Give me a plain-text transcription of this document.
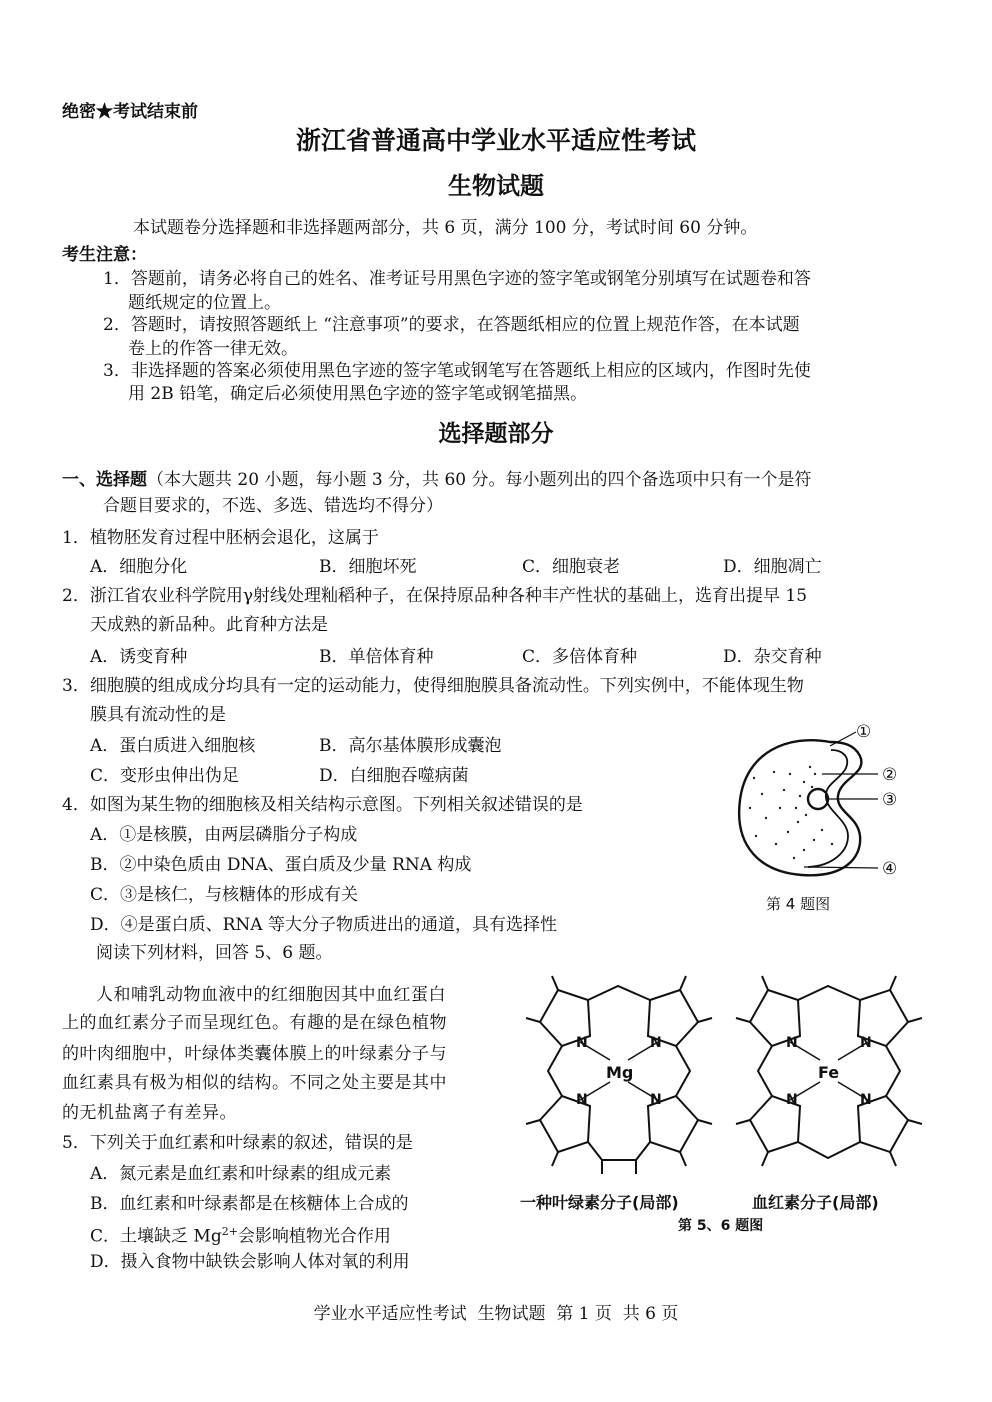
绝密★考试结束前
浙江省普通高中学业水平适应性考试
生物试题
本试题卷分选择题和非选择题两部分，共 6 页，满分 100 分，考试时间 60 分钟。
考生注意：
1．答题前，请务必将自己的姓名、准考证号用黑色字迹的签字笔或钢笔分别填写在试题卷和答
题纸规定的位置上。
2．答题时，请按照答题纸上 “注意事项”的要求，在答题纸相应的位置上规范作答，在本试题
卷上的作答一律无效。
3．非选择题的答案必须使用黑色字迹的签字笔或钢笔写在答题纸上相应的区域内，作图时先使
用 2B 铅笔，确定后必须使用黑色字迹的签字笔或钢笔描黑。
选择题部分
一、选择题（本大题共 20 小题，每小题 3 分，共 60 分。每小题列出的四个备选项中只有一个是符
合题目要求的，不选、多选、错选均不得分）
1．植物胚发育过程中胚柄会退化，这属于
A．细胞分化	B．细胞坏死	C．细胞衰老	D．细胞凋亡
2．浙江省农业科学院用γ射线处理籼稻种子，在保持原品种各种丰产性状的基础上，选育出提早 15
天成熟的新品种。此育种方法是
A．诱变育种	B．单倍体育种	C．多倍体育种	D．杂交育种
3．细胞膜的组成成分均具有一定的运动能力，使得细胞膜具备流动性。下列实例中，不能体现生物
膜具有流动性的是
A．蛋白质进入细胞核	B．高尔基体膜形成囊泡
C．变形虫伸出伪足	D．白细胞吞噬病菌
4．如图为某生物的细胞核及相关结构示意图。下列相关叙述错误的是
A．①是核膜，由两层磷脂分子构成
B．②中染色质由 DNA、蛋白质及少量 RNA 构成
C．③是核仁，与核糖体的形成有关
D．④是蛋白质、RNA 等大分子物质进出的通道，具有选择性
阅读下列材料，回答 5、6 题。
人和哺乳动物血液中的红细胞因其中血红蛋白
上的血红素分子而呈现红色。有趣的是在绿色植物
的叶肉细胞中，叶绿体类囊体膜上的叶绿素分子与
血红素具有极为相似的结构。不同之处主要是其中
的无机盐离子有差异。
5．下列关于血红素和叶绿素的叙述，错误的是
A．氮元素是血红素和叶绿素的组成元素
B．血红素和叶绿素都是在核糖体上合成的
C．土壤缺乏 $Mg^{2+}$会影响植物光合作用
D．摄入食物中缺铁会影响人体对氧的利用
①
②
③
④
第 4 题图
N	N
N	N
Mg
N	N
N	N
Fe
一种叶绿素分子(局部)	血红素分子(局部)
第 5、6 题图
学业水平适应性考试  生物试题  第 1 页  共 6 页
